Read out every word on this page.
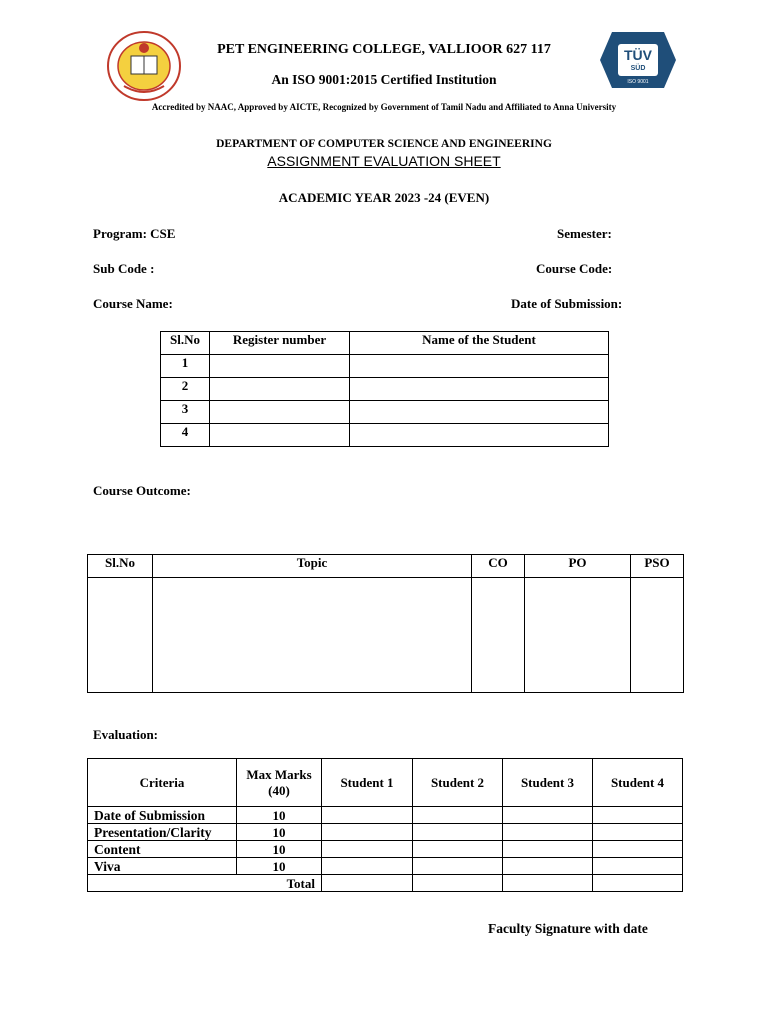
TÜV
SÜD
ISO 9001
PET ENGINEERING COLLEGE, VALLIOOR 627 117
An ISO 9001:2015 Certified Institution
Accredited by NAAC, Approved by AICTE, Recognized by Government of Tamil Nadu and Affiliated to Anna University
DEPARTMENT OF COMPUTER SCIENCE AND ENGINEERING
ASSIGNMENT EVALUATION SHEET
ACADEMIC YEAR 2023 -24 (EVEN)
Program: CSE	Semester:
Sub Code :	Course Code:
Course Name:	Date of Submission:
Sl.No	Register number	Name of the Student
1		
2		
3		
4		
Course Outcome:
Sl.No	Topic	CO	PO	PSO

Evaluation:
Criteria	Max Marks (40)	Student 1	Student 2	Student 3	Student 4
Date of Submission	10				
Presentation/Clarity	10				
Content	10				
Viva	10				
Total					
Faculty Signature with date
